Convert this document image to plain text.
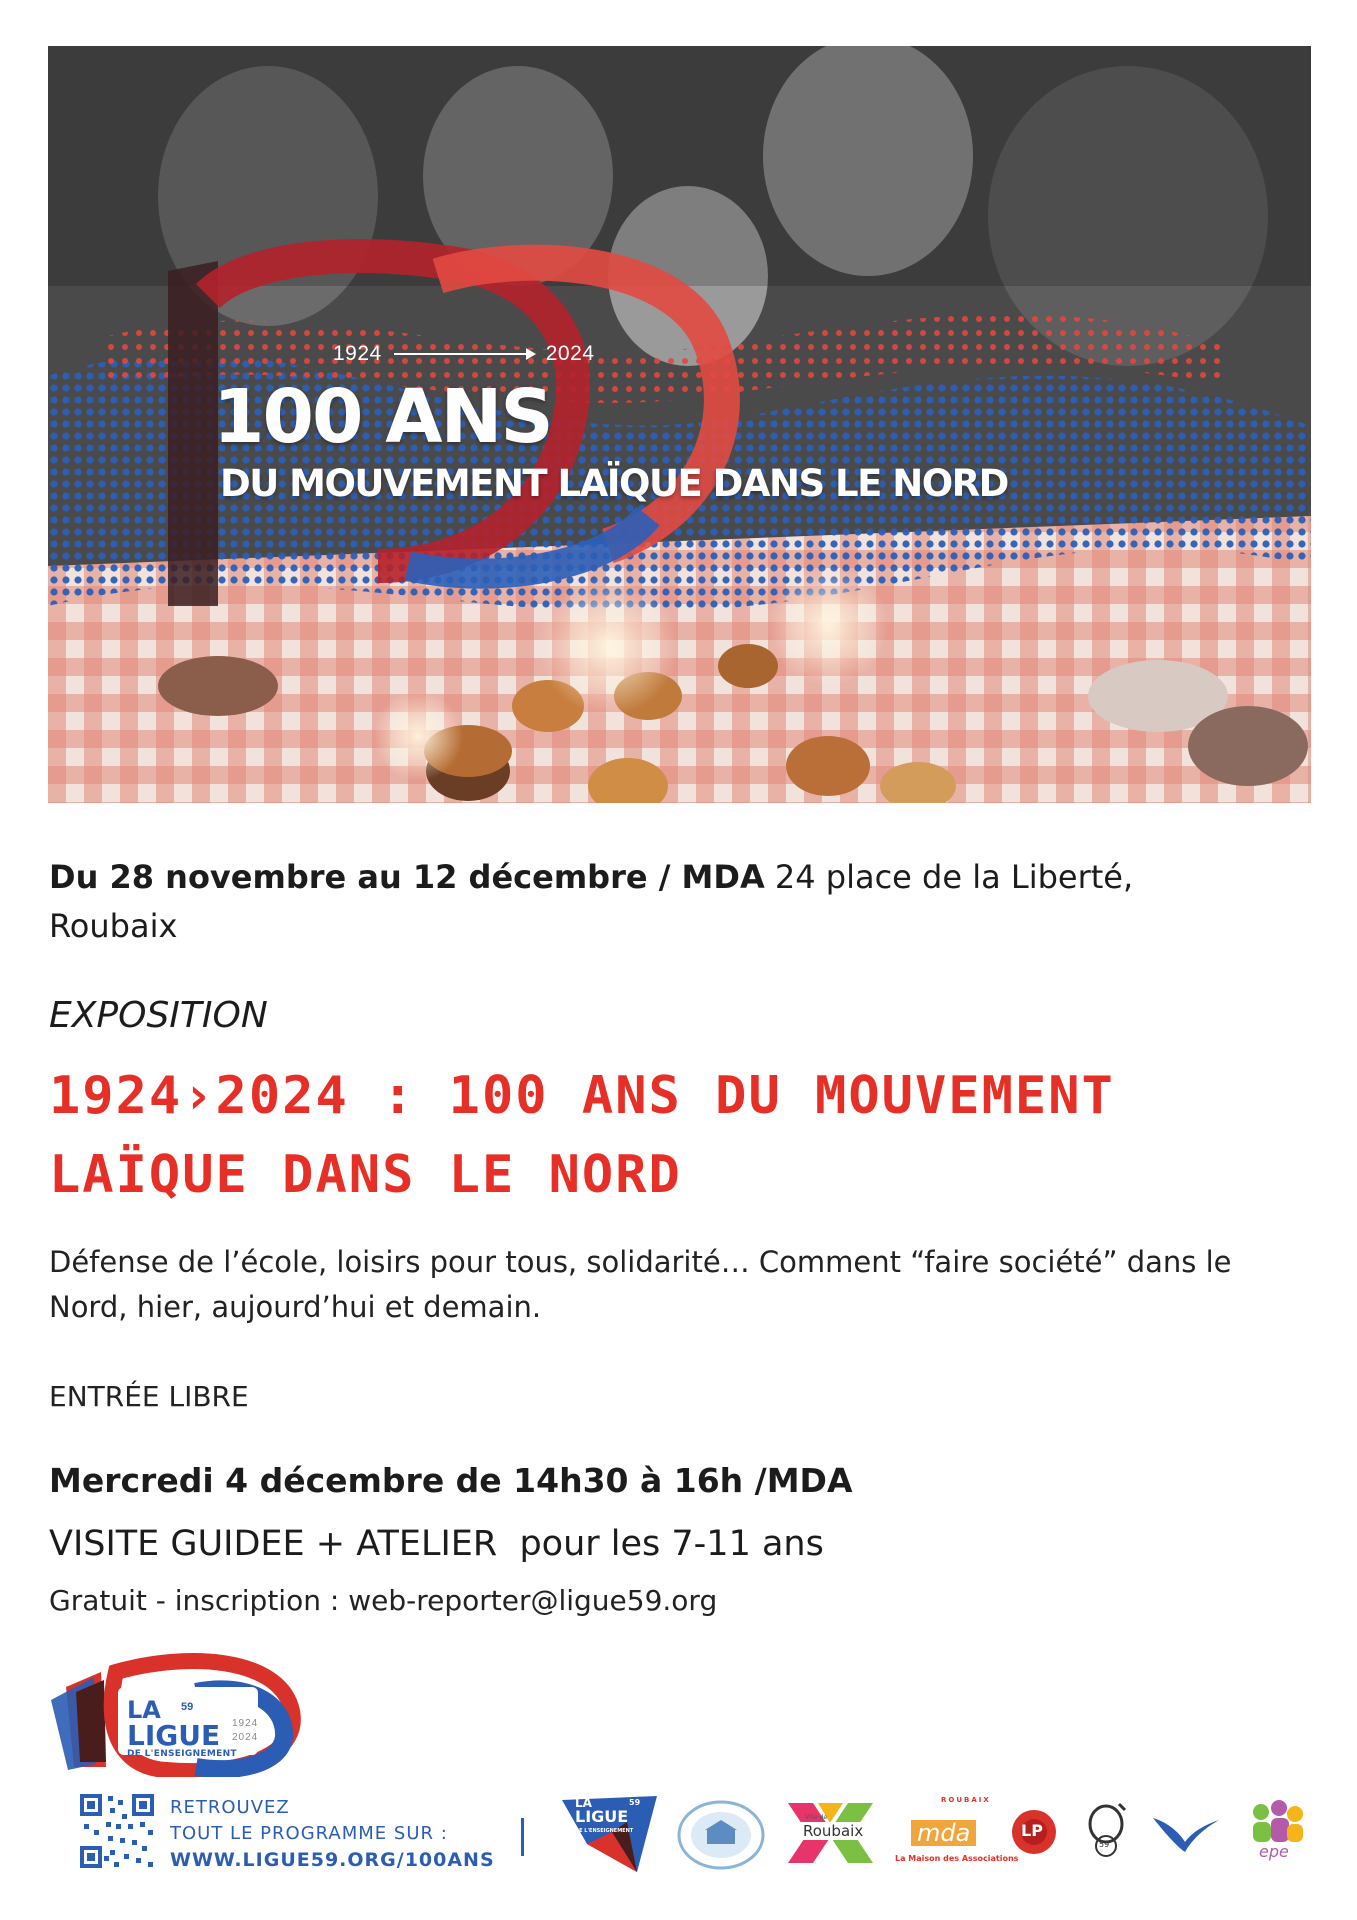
1924	2024
100 ANS
DU MOUVEMENT LAÏQUE DANS LE NORD
Du 28 novembre au 12 décembre / MDA 24 place de la Liberté,
Roubaix
EXPOSITION
1924›2024 : 100 ANS DU MOUVEMENT
LAÏQUE DANS LE NORD
Défense de l’école, loisirs pour tous, solidarité… Comment “faire société” dans le
Nord, hier, aujourd’hui et demain.
ENTRÉE LIBRE
Mercredi 4 décembre de 14h30 à 16h /MDA
VISITE GUIDEE + ATELIER  pour les 7-11 ans
Gratuit - inscription : web-reporter@ligue59.org
LA
LIGUE
DE L'ENSEIGNEMENT
59
1924
2024
RETROUVEZ
TOUT LE PROGRAMME SUR :
WWW.LIGUE59.ORG/100ANS
LA
LIGUE
DE L'ENSEIGNEMENT
59
Ville de
Roubaix
ROUBAIX
mda
La Maison des Associations
LP
59	epe
